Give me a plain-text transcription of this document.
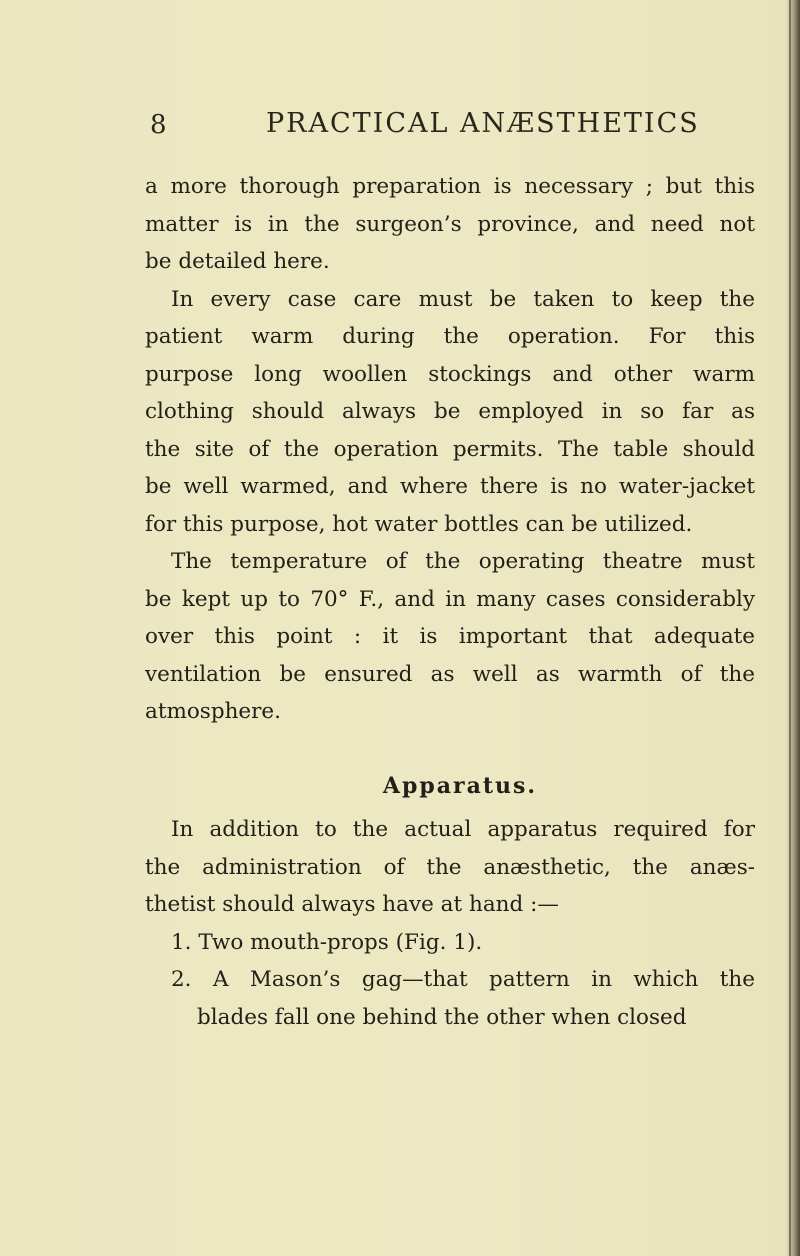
8	PRACTICAL ANÆSTHETICS
a more thorough preparation is necessary ; but this
matter is in the surgeon’s province, and need not
be detailed here.
In every case care must be taken to keep the
patient warm during the operation. For this
purpose long woollen stockings and other warm
clothing should always be employed in so far as
the site of the operation permits. The table should
be well warmed, and where there is no water-jacket
for this purpose, hot water bottles can be utilized.
The temperature of the operating theatre must
be kept up to 70° F., and in many cases considerably
over this point : it is important that adequate
ventilation be ensured as well as warmth of the
atmosphere.
Apparatus.
In addition to the actual apparatus required for
the administration of the anæsthetic, the anæs-
thetist should always have at hand :—
1. Two mouth-props (Fig. 1).
2. A Mason’s gag—that pattern in which the
blades fall one behind the other when closed
